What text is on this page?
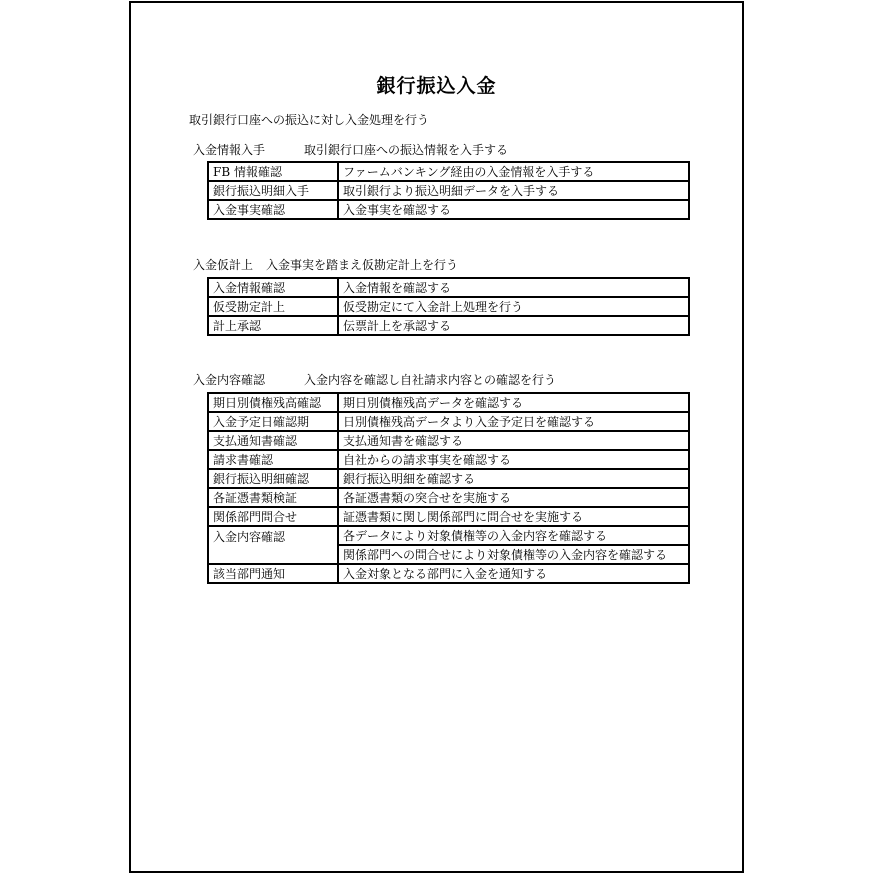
銀行振込入金
取引銀行口座への振込に対し入金処理を行う
入金情報入手	取引銀行口座への振込情報を入手する
FB 情報確認	ファームバンキング経由の入金情報を入手する
銀行振込明細入手	取引銀行より振込明細データを入手する
入金事実確認	入金事実を確認する
入金仮計上 入金事実を踏まえ仮勘定計上を行う
入金情報確認	入金情報を確認する
仮受勘定計上	仮受勘定にて入金計上処理を行う
計上承認	伝票計上を承認する
入金内容確認	入金内容を確認し自社請求内容との確認を行う
期日別債権残高確認	期日別債権残高データを確認する
入金予定日確認期	日別債権残高データより入金予定日を確認する
支払通知書確認	支払通知書を確認する
請求書確認	自社からの請求事実を確認する
銀行振込明細確認	銀行振込明細を確認する
各証憑書類検証	各証憑書類の突合せを実施する
関係部門問合せ	証憑書類に関し関係部門に問合せを実施する
入金内容確認	各データにより対象債権等の入金内容を確認する
	関係部門への問合せにより対象債権等の入金内容を確認する
該当部門通知	入金対象となる部門に入金を通知する
